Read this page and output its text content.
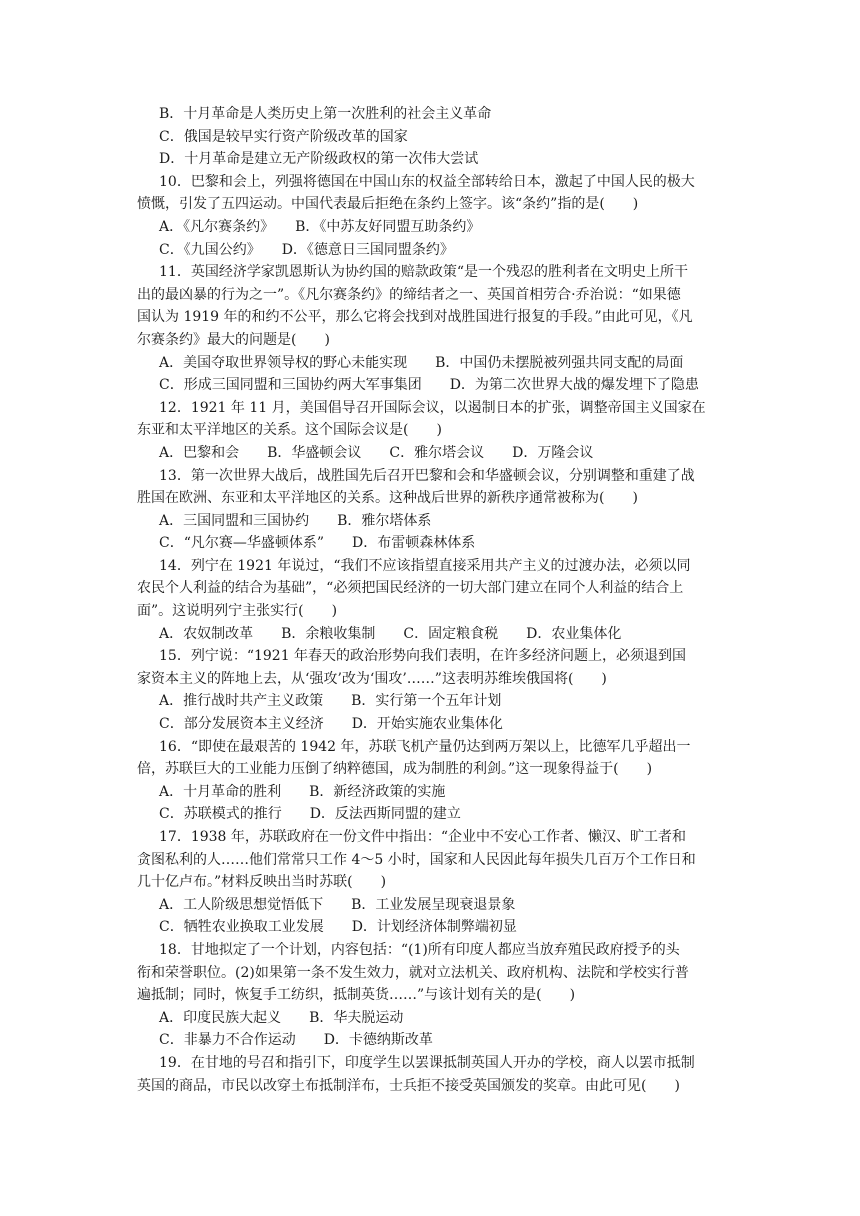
B．十月革命是人类历史上第一次胜利的社会主义革命
C．俄国是较早实行资产阶级改革的国家
D．十月革命是建立无产阶级政权的第一次伟大尝试
10．巴黎和会上，列强将德国在中国山东的权益全部转给日本，激起了中国人民的极大
愤慨，引发了五四运动。中国代表最后拒绝在条约上签字。该“条约”指的是(　　)
A．《凡尔赛条约》　　B．《中苏友好同盟互助条约》
C．《九国公约》　　D．《德意日三国同盟条约》
11．英国经济学家凯恩斯认为协约国的赔款政策“是一个残忍的胜利者在文明史上所干
出的最凶暴的行为之一”。《凡尔赛条约》的缔结者之一、英国首相劳合·乔治说：“如果德
国认为 1919 年的和约不公平，那么它将会找到对战胜国进行报复的手段。”由此可见，《凡
尔赛条约》最大的问题是(　　)
A．美国夺取世界领导权的野心未能实现　　B．中国仍未摆脱被列强共同支配的局面
C．形成三国同盟和三国协约两大军事集团　　D．为第二次世界大战的爆发埋下了隐患
12．1921 年 11 月，美国倡导召开国际会议，以遏制日本的扩张，调整帝国主义国家在
东亚和太平洋地区的关系。这个国际会议是(　　)
A．巴黎和会　　B．华盛顿会议　　C．雅尔塔会议　　D．万隆会议
13．第一次世界大战后，战胜国先后召开巴黎和会和华盛顿会议，分别调整和重建了战
胜国在欧洲、东亚和太平洋地区的关系。这种战后世界的新秩序通常被称为(　　)
A．三国同盟和三国协约　　B．雅尔塔体系
C．“凡尔赛—华盛顿体系”　　D．布雷顿森林体系
14．列宁在 1921 年说过，“我们不应该指望直接采用共产主义的过渡办法，必须以同
农民个人利益的结合为基础”，“必须把国民经济的一切大部门建立在同个人利益的结合上
面”。这说明列宁主张实行(　　)
A．农奴制改革　　B．余粮收集制　　C．固定粮食税　　D．农业集体化
15．列宁说：“1921 年春天的政治形势向我们表明，在许多经济问题上，必须退到国
家资本主义的阵地上去，从‘强攻’改为‘围攻’……”这表明苏维埃俄国将(　　)
A．推行战时共产主义政策　　B．实行第一个五年计划
C．部分发展资本主义经济　　D．开始实施农业集体化
16．“即使在最艰苦的 1942 年，苏联飞机产量仍达到两万架以上，比德军几乎超出一
倍，苏联巨大的工业能力压倒了纳粹德国，成为制胜的利剑。”这一现象得益于(　　)
A．十月革命的胜利　　B．新经济政策的实施
C．苏联模式的推行　　D．反法西斯同盟的建立
17．1938 年，苏联政府在一份文件中指出：“企业中不安心工作者、懒汉、旷工者和
贪图私利的人……他们常常只工作 4～5 小时，国家和人民因此每年损失几百万个工作日和
几十亿卢布。”材料反映出当时苏联(　　)
A．工人阶级思想觉悟低下　　B．工业发展呈现衰退景象
C．牺牲农业换取工业发展　　D．计划经济体制弊端初显
18．甘地拟定了一个计划，内容包括：“(1)所有印度人都应当放弃殖民政府授予的头
衔和荣誉职位。(2)如果第一条不发生效力，就对立法机关、政府机构、法院和学校实行普
遍抵制；同时，恢复手工纺织，抵制英货……”与该计划有关的是(　　)
A．印度民族大起义　　B．华夫脱运动
C．非暴力不合作运动　　D．卡德纳斯改革
19．在甘地的号召和指引下，印度学生以罢课抵制英国人开办的学校，商人以罢市抵制
英国的商品，市民以改穿土布抵制洋布，士兵拒不接受英国颁发的奖章。由此可见(　　)
